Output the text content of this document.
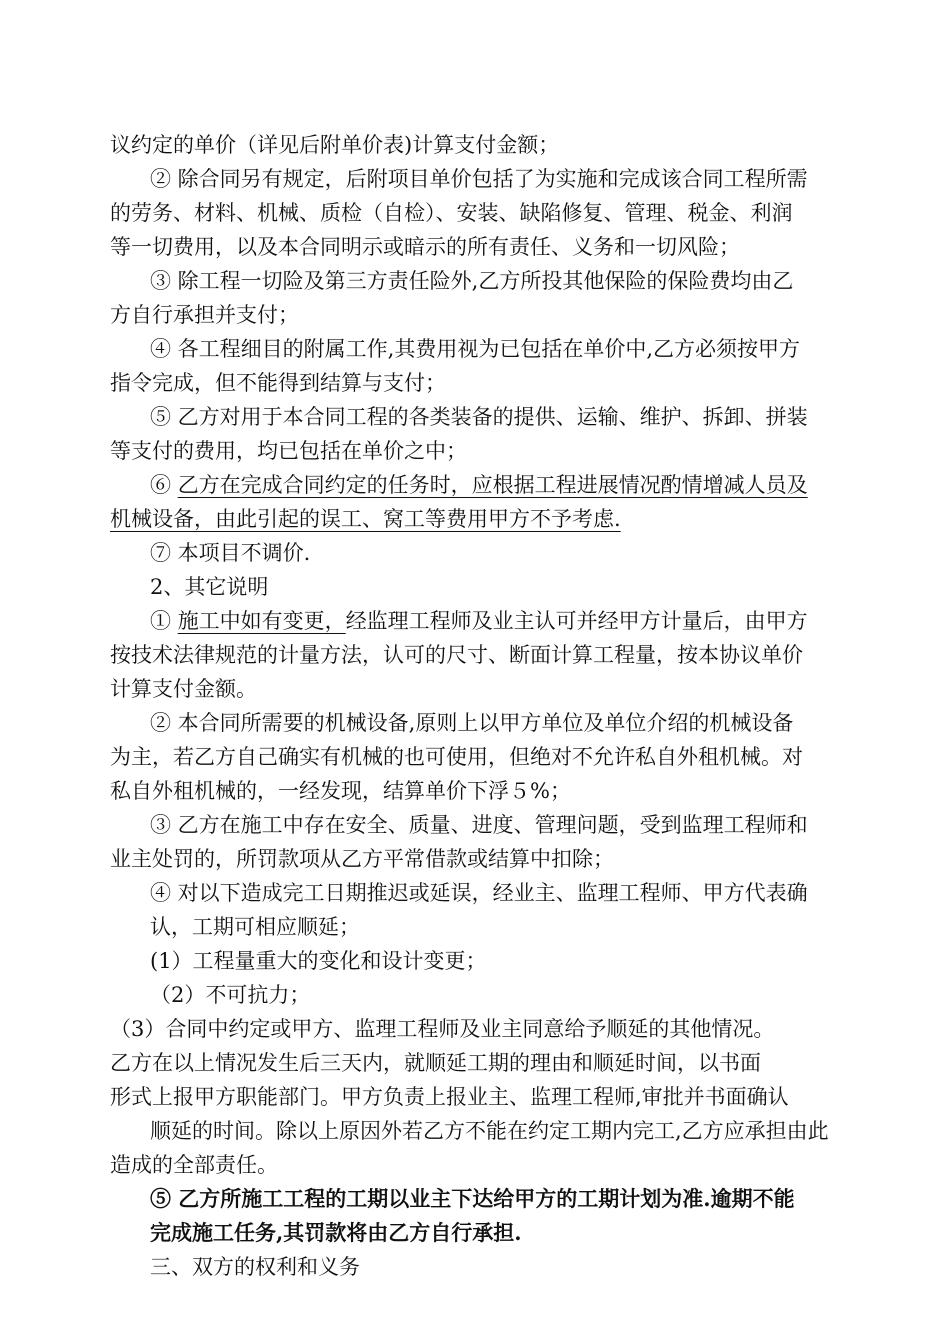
议约定的单价（详见后附单价表)计算支付金额；

② 除合同另有规定，后附项目单价包括了为实施和完成该合同工程所需

的劳务、材料、机械、质检（自检）、安装、缺陷修复、管理、税金、利润

等一切费用，以及本合同明示或暗示的所有责任、义务和一切风险；

③ 除工程一切险及第三方责任险外,乙方所投其他保险的保险费均由乙

方自行承担并支付；

④ 各工程细目的附属工作,其费用视为已包括在单价中,乙方必须按甲方

指令完成，但不能得到结算与支付；

⑤ 乙方对用于本合同工程的各类装备的提供、运输、维护、拆卸、拼装

等支付的费用，均已包括在单价之中；

⑥ 乙方在完成合同约定的任务时，应根据工程进展情况酌情增减人员及

机械设备，由此引起的误工、窝工等费用甲方不予考虑.

⑦ 本项目不调价.

2、其它说明

① 施工中如有变更，经监理工程师及业主认可并经甲方计量后，由甲方

按技术法律规范的计量方法，认可的尺寸、断面计算工程量，按本协议单价

计算支付金额。

② 本合同所需要的机械设备,原则上以甲方单位及单位介绍的机械设备

为主，若乙方自己确实有机械的也可使用，但绝对不允许私自外租机械。对

私自外租机械的，一经发现，结算单价下浮５%；

③ 乙方在施工中存在安全、质量、进度、管理问题，受到监理工程师和

业主处罚的，所罚款项从乙方平常借款或结算中扣除；

④ 对以下造成完工日期推迟或延误，经业主、监理工程师、甲方代表确

认，工期可相应顺延；

(1）工程量重大的变化和设计变更；

（2）不可抗力；

（3）合同中约定或甲方、监理工程师及业主同意给予顺延的其他情况。

乙方在以上情况发生后三天内，就顺延工期的理由和顺延时间，以书面

形式上报甲方职能部门。甲方负责上报业主、监理工程师,审批并书面确认

顺延的时间。除以上原因外若乙方不能在约定工期内完工,乙方应承担由此

造成的全部责任。

⑤ 乙方所施工工程的工期以业主下达给甲方的工期计划为准.逾期不能

完成施工任务,其罚款将由乙方自行承担.

三、双方的权利和义务
